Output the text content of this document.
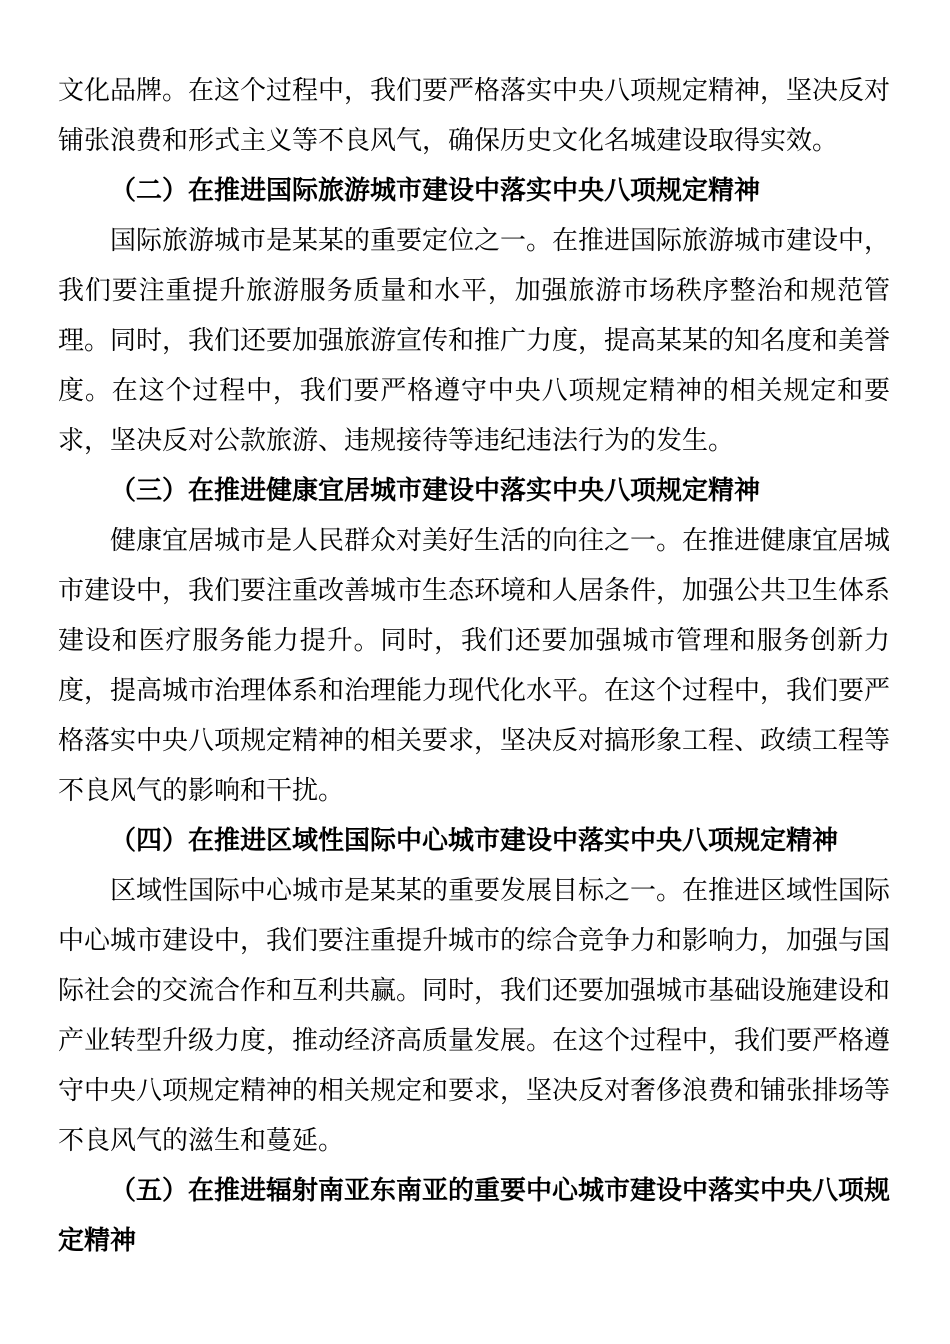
文化品牌。在这个过程中，我们要严格落实中央八项规定精神，坚决反对铺张浪费和形式主义等不良风气，确保历史文化名城建设取得实效。

（二）在推进国际旅游城市建设中落实中央八项规定精神

国际旅游城市是某某的重要定位之一。在推进国际旅游城市建设中，我们要注重提升旅游服务质量和水平，加强旅游市场秩序整治和规范管理。同时，我们还要加强旅游宣传和推广力度，提高某某的知名度和美誉度。在这个过程中，我们要严格遵守中央八项规定精神的相关规定和要求，坚决反对公款旅游、违规接待等违纪违法行为的发生。

（三）在推进健康宜居城市建设中落实中央八项规定精神

健康宜居城市是人民群众对美好生活的向往之一。在推进健康宜居城市建设中，我们要注重改善城市生态环境和人居条件，加强公共卫生体系建设和医疗服务能力提升。同时，我们还要加强城市管理和服务创新力度，提高城市治理体系和治理能力现代化水平。在这个过程中，我们要严格落实中央八项规定精神的相关要求，坚决反对搞形象工程、政绩工程等不良风气的影响和干扰。

（四）在推进区域性国际中心城市建设中落实中央八项规定精神

区域性国际中心城市是某某的重要发展目标之一。在推进区域性国际中心城市建设中，我们要注重提升城市的综合竞争力和影响力，加强与国际社会的交流合作和互利共赢。同时，我们还要加强城市基础设施建设和产业转型升级力度，推动经济高质量发展。在这个过程中，我们要严格遵守中央八项规定精神的相关规定和要求，坚决反对奢侈浪费和铺张排场等不良风气的滋生和蔓延。

（五）在推进辐射南亚东南亚的重要中心城市建设中落实中央八项规定精神
